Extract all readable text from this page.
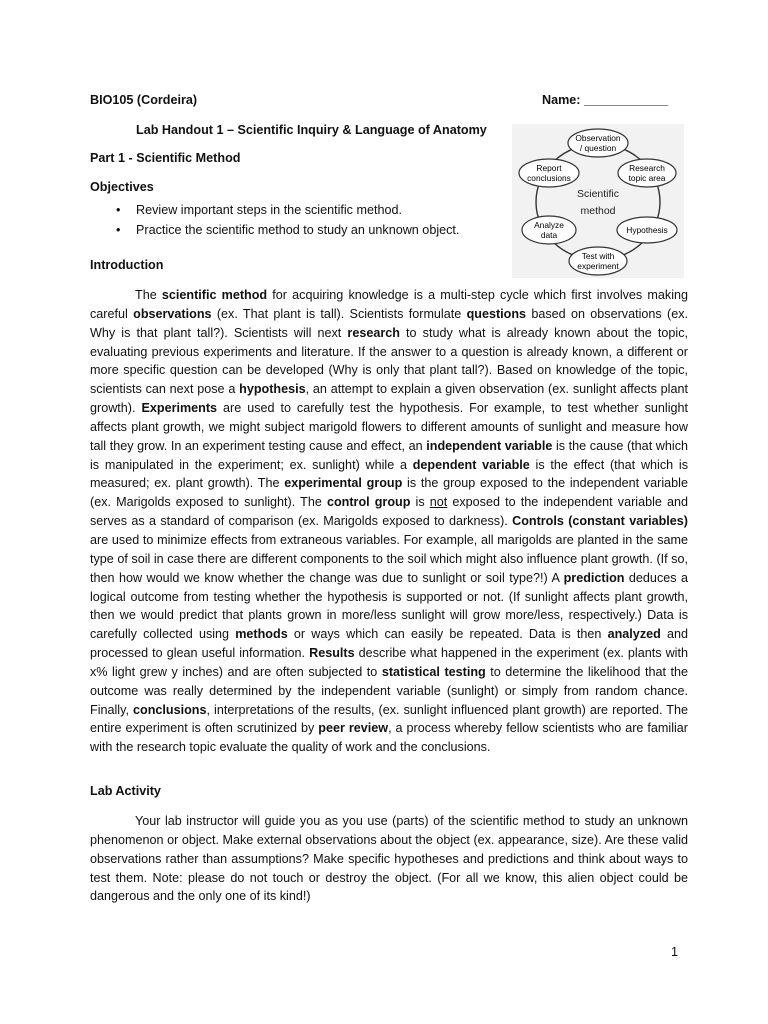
BIO105 (Cordeira)	Name: ____________
Lab Handout 1 – Scientific Inquiry & Language of Anatomy
Part 1 - Scientific Method
Objectives
• Review important steps in the scientific method.
• Practice the scientific method to study an unknown object.
Scientific
method
Observation
/ question
Research
topic area
Hypothesis
Test with
experiment
Analyze
data
Report
conclusions
Introduction

The scientific method for acquiring knowledge is a multi-step cycle which first involves making careful observations (ex. That plant is tall). Scientists formulate questions based on observations (ex. Why is that plant tall?). Scientists will next research to study what is already known about the topic, evaluating previous experiments and literature. If the answer to a question is already known, a different or more specific question can be developed (Why is only that plant tall?). Based on knowledge of the topic, scientists can next pose a hypothesis, an attempt to explain a given observation (ex. sunlight affects plant growth). Experiments are used to carefully test the hypothesis. For example, to test whether sunlight affects plant growth, we might subject marigold flowers to different amounts of sunlight and measure how tall they grow. In an experiment testing cause and effect, an independent variable is the cause (that which is manipulated in the experiment; ex. sunlight) while a dependent variable is the effect (that which is measured; ex. plant growth). The experimental group is the group exposed to the independent variable (ex. Marigolds exposed to sunlight). The control group is not exposed to the independent variable and serves as a standard of comparison (ex. Marigolds exposed to darkness). Controls (constant variables) are used to minimize effects from extraneous variables. For example, all marigolds are planted in the same type of soil in case there are different components to the soil which might also influence plant growth. (If so, then how would we know whether the change was due to sunlight or soil type?!) A prediction deduces a logical outcome from testing whether the hypothesis is supported or not. (If sunlight affects plant growth, then we would predict that plants grown in more/less sunlight will grow more/less, respectively.) Data is carefully collected using methods or ways which can easily be repeated. Data is then analyzed and processed to glean useful information. Results describe what happened in the experiment (ex. plants with x% light grew y inches) and are often subjected to statistical testing to determine the likelihood that the outcome was really determined by the independent variable (sunlight) or simply from random chance. Finally, conclusions, interpretations of the results, (ex. sunlight influenced plant growth) are reported. The entire experiment is often scrutinized by peer review, a process whereby fellow scientists who are familiar with the research topic evaluate the quality of work and the conclusions.

Lab Activity

Your lab instructor will guide you as you use (parts) of the scientific method to study an unknown phenomenon or object. Make external observations about the object (ex. appearance, size). Are these valid observations rather than assumptions? Make specific hypotheses and predictions and think about ways to test them. Note: please do not touch or destroy the object. (For all we know, this alien object could be dangerous and the only one of its kind!)

1
